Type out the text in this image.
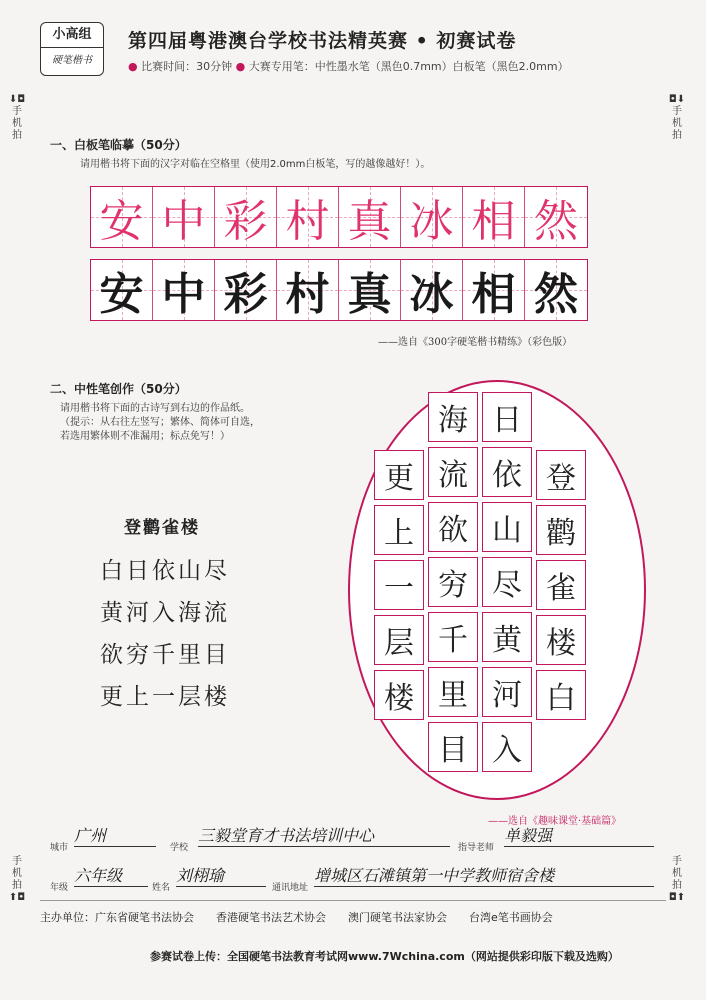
小高组
硬笔楷书
第四届粤港澳台学校书法精英赛 • 初赛试卷
● 比赛时间：30分钟 ● 大赛专用笔：中性墨水笔（黑色0.7mm）白板笔（黑色2.0mm）
⬇◘
手机拍
◘⬇
手机拍
手机拍
⬆◘
手机拍
◘⬆
一、白板笔临摹（50分）
请用楷书将下面的汉字对临在空格里（使用2.0mm白板笔，写的越像越好！）。
安 中 彩 村 真 冰 相 然
安 中 彩 村 真 冰 相 然
——选自《300字硬笔楷书精练》（彩色版）
二、中性笔创作（50分）
请用楷书将下面的古诗写到右边的作品纸。
（提示：从右往左竖写；繁体、简体可自选，
若选用繁体则不准漏用；标点免写！）
登鹳雀楼
白日依山尽
黄河入海流
欲穷千里目
更上一层楼
登
鹳
雀
楼
白
日
依
山
尽
黄
河
入
海
流
欲
穷
千
里
目
更
上
一
层
楼
——选自《趣味课堂·基础篇》
城市
广州
学校
三毅堂育才书法培训中心
指导老师
单毅强
年级
六年级
姓名
刘栩瑜
通讯地址
增城区石滩镇第一中学教师宿舍楼
主办单位：广东省硬笔书法协会　　香港硬笔书法艺术协会　　澳门硬笔书法家协会　　台湾e笔书画协会
参赛试卷上传：全国硬笔书法教育考试网www.7Wchina.com（网站提供彩印版下载及选购）
